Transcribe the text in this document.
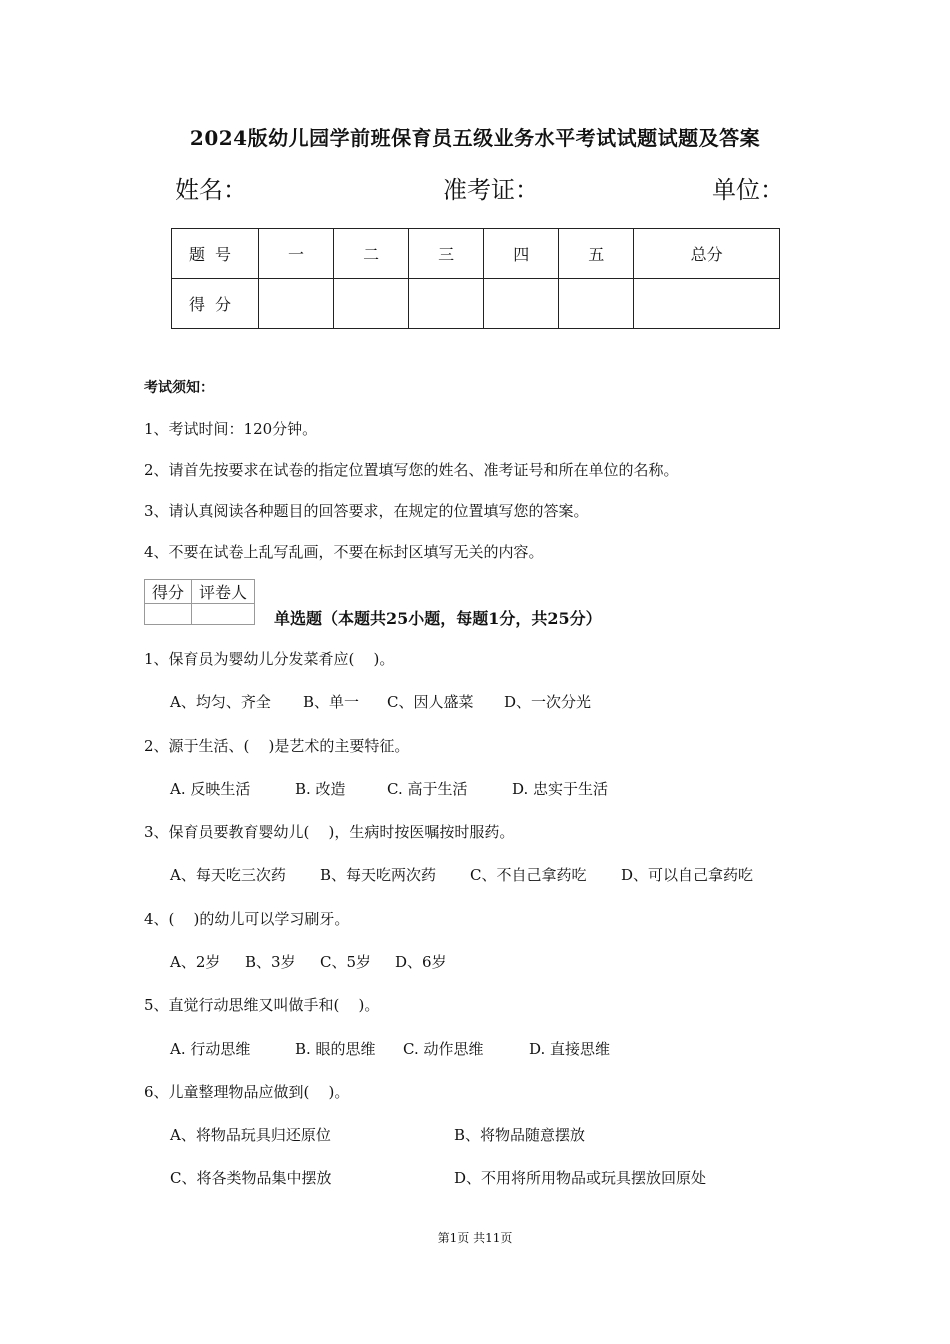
2024版幼儿园学前班保育员五级业务水平考试试题试题及答案
姓名：	准考证：	单位：
题号	一	二	三	四	五	总分
得分						
考试须知：
1、考试时间：120分钟。
2、请首先按要求在试卷的指定位置填写您的姓名、准考证号和所在单位的名称。
3、请认真阅读各种题目的回答要求，在规定的位置填写您的答案。
4、不要在试卷上乱写乱画，不要在标封区填写无关的内容。
得分	评卷人

单选题（本题共25小题，每题1分，共25分）
1、保育员为婴幼儿分发菜肴应(    )。
A、均匀、齐全 B、单一 C、因人盛菜 D、一次分光
2、源于生活、(    )是艺术的主要特征。
A. 反映生活	B. 改造	C. 高于生活	D. 忠实于生活
3、保育员要教育婴幼儿(    )，生病时按医嘱按时服药。
A、每天吃三次药 B、每天吃两次药 C、不自己拿药吃 D、可以自己拿药吃
4、(    )的幼儿可以学习刷牙。
A、2岁 B、3岁 C、5岁 D、6岁
5、直觉行动思维又叫做手和(    )。
A. 行动思维	B. 眼的思维 C. 动作思维	D. 直接思维
6、儿童整理物品应做到(    )。
A、将物品玩具归还原位	B、将物品随意摆放
C、将各类物品集中摆放	D、不用将所用物品或玩具摆放回原处
第1页 共11页
